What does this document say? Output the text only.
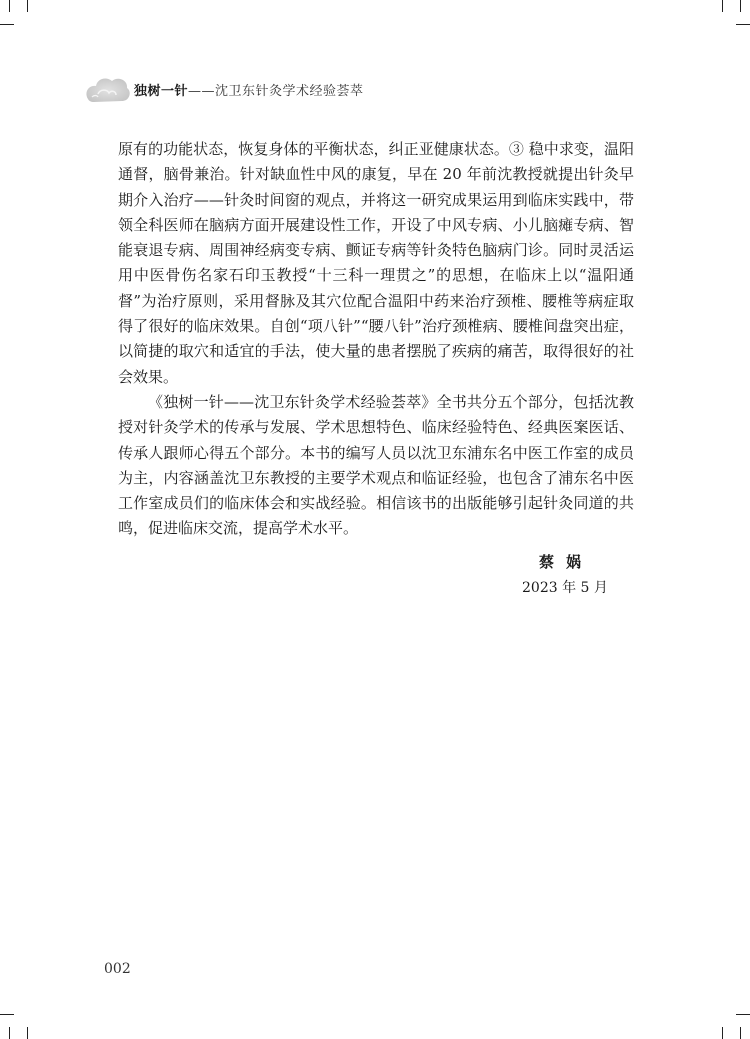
独树一针——沈卫东针灸学术经验荟萃

原有的功能状态，恢复身体的平衡状态，纠正亚健康状态。③ 稳中求变，温阳通督，脑骨兼治。针对缺血性中风的康复，早在 20 年前沈教授就提出针灸早期介入治疗——针灸时间窗的观点，并将这一研究成果运用到临床实践中，带领全科医师在脑病方面开展建设性工作，开设了中风专病、小儿脑瘫专病、智能衰退专病、周围神经病变专病、颤证专病等针灸特色脑病门诊。同时灵活运用中医骨伤名家石印玉教授“十三科一理贯之”的思想，在临床上以“温阳通督”为治疗原则，采用督脉及其穴位配合温阳中药来治疗颈椎、腰椎等病症取得了很好的临床效果。自创“项八针”“腰八针”治疗颈椎病、腰椎间盘突出症，以简捷的取穴和适宜的手法，使大量的患者摆脱了疾病的痛苦，取得很好的社会效果。

《独树一针——沈卫东针灸学术经验荟萃》全书共分五个部分，包括沈教授对针灸学术的传承与发展、学术思想特色、临床经验特色、经典医案医话、传承人跟师心得五个部分。本书的编写人员以沈卫东浦东名中医工作室的成员为主，内容涵盖沈卫东教授的主要学术观点和临证经验，也包含了浦东名中医工作室成员们的临床体会和实战经验。相信该书的出版能够引起针灸同道的共鸣，促进临床交流，提高学术水平。

蔡娲
2023 年 5 月
002
